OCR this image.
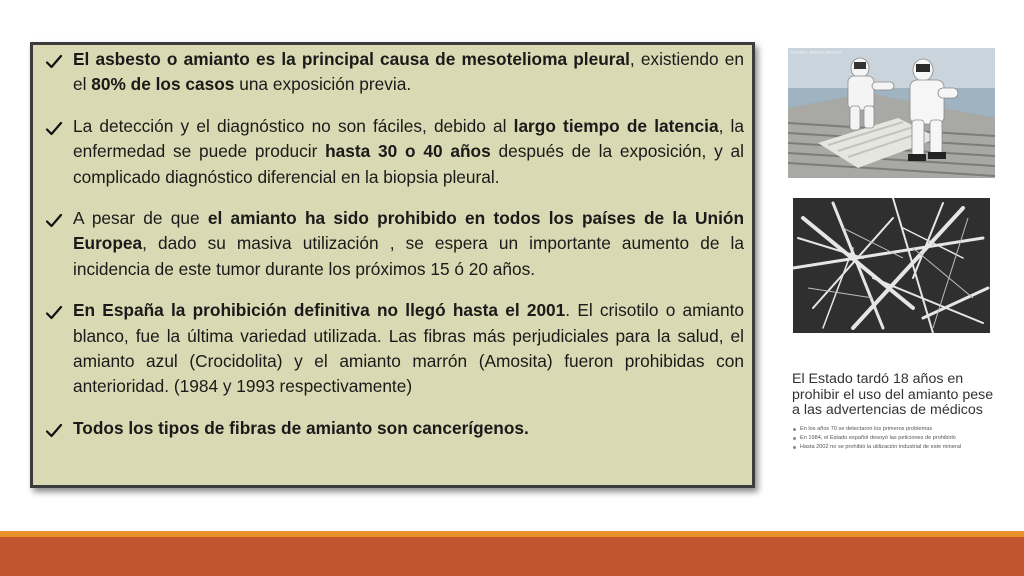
El asbesto o amianto es la principal causa de mesotelioma pleural, existiendo en el 80% de los casos una exposición previa.
La detección y el diagnóstico no son fáciles, debido al largo tiempo de latencia, la enfermedad se puede producir hasta 30 o 40 años después de la exposición, y al complicado diagnóstico diferencial en la biopsia pleural.
A pesar de que el amianto ha sido prohibido en todos los países de la Unión Europea, dado su masiva utilización , se espera un importante aumento de la incidencia de este tumor durante los próximos 15 ó 20 años.
En España la prohibición definitiva no llegó hasta el 2001. El crisotilo o amianto blanco, fue la última variedad utilizada. Las fibras más perjudiciales para la salud, el amianto azul (Crocidolita) y el amianto marrón (Amosita) fueron prohibidas con anterioridad. (1984 y 1993 respectivamente)
Todos los tipos de fibras de amianto son cancerígenos.
RTERAL STOCK PHOTO
El Estado tardó 18 años en prohibir el uso del amianto pese a las advertencias de médicos
En los años 70 se detectaron los primeros problemas
En 1984, el Estado español desoyó las peticiones de prohibirlo
Hasta 2002 no se prohibió la utilización industrial de este mineral
